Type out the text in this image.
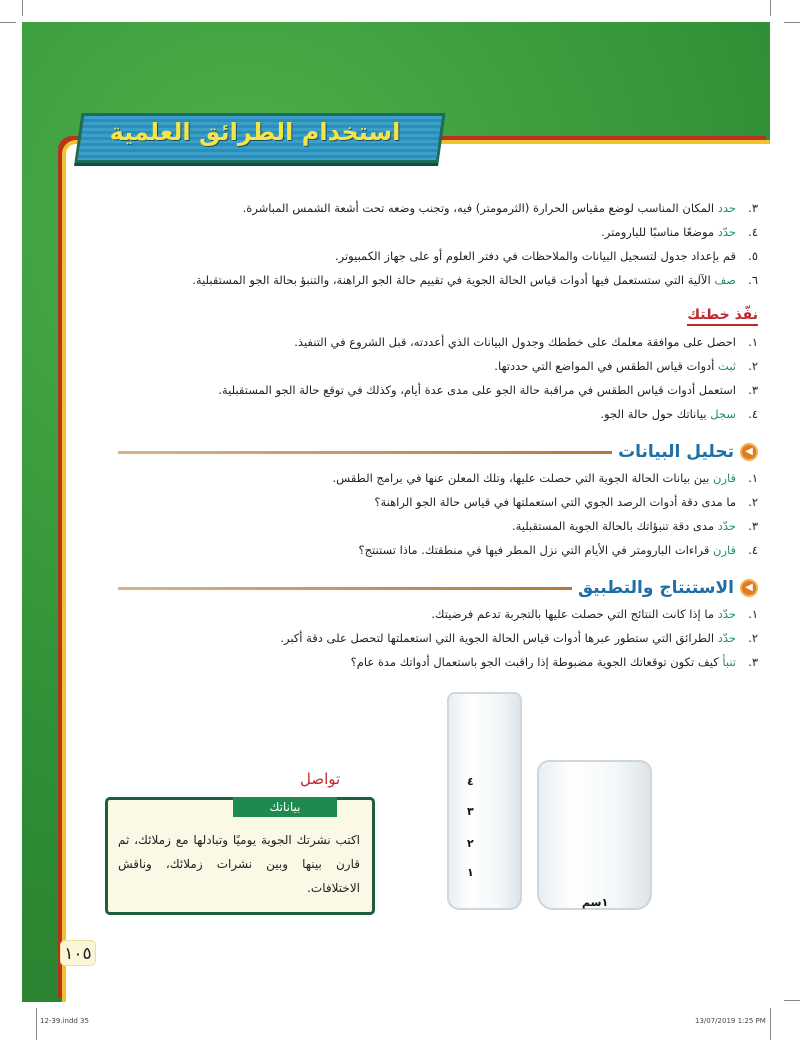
استخدام الطرائق العلمية
٣.حدد المكان المناسب لوضع مقياس الحرارة (الثرمومتر) فيه، وتجنب وضعه تحت أشعة الشمس المباشرة.
٤.حدّد موضعًا مناسبًا للبارومتر.
٥.قم بإعداد جدول لتسجيل البيانات والملاحظات في دفتر العلوم أو على جهاز الكمبيوتر.
٦.صف الآلية التي ستستعمل فيها أدوات قياس الحالة الجوية في تقييم حالة الجو الراهنة، والتنبؤ بحالة الجو المستقبلية.
نفّذ خطتك
١.احصل على موافقة معلمك على خططك وجدول البيانات الذي أعددته، قبل الشروع في التنفيذ.
٢.ثبت أدوات قياس الطقس في المواضع التي حددتها.
٣.استعمل أدوات قياس الطقس في مراقبة حالة الجو على مدى عدة أيام، وكذلك في توقع حالة الجو المستقبلية.
٤.سجل بياناتك حول حالة الجو.
◀
تحليل البيانات
١.قارن بين بيانات الحالة الجوية التي حصلت عليها، وتلك المعلن عنها في برامج الطقس.
٢.ما مدى دقة أدوات الرصد الجوي التي استعملتها في قياس حالة الجو الراهنة؟
٣.حدّد مدى دقة تنبؤاتك بالحالة الجوية المستقبلية.
٤.قارن قراءات البارومتر في الأيام التي نزل المطر فيها في منطقتك. ماذا تستنتج؟
◀
الاستنتاج والتطبيق
١.حدّد ما إذا كانت النتائج التي حصلت عليها بالتجربة تدعم فرضيتك.
٢.حدّد الطرائق التي ستطور عبرها أدوات قياس الحالة الجوية التي استعملتها لتحصل على دقة أكبر.
٣.تنبأ كيف تكون توقعاتك الجوية مضبوطة إذا راقبت الجو باستعمال أدواتك مدة عام؟
٤
٣
٢
١
١سم
تواصل
بياناتك
اكتب نشرتك الجوية يوميًا وتبادلها مع زملائك، ثم قارن بينها وبين نشرات زملائك، وناقش الاختلافات.
١٠٥
12-39.indd 35	13/07/2019 1:25 PM
